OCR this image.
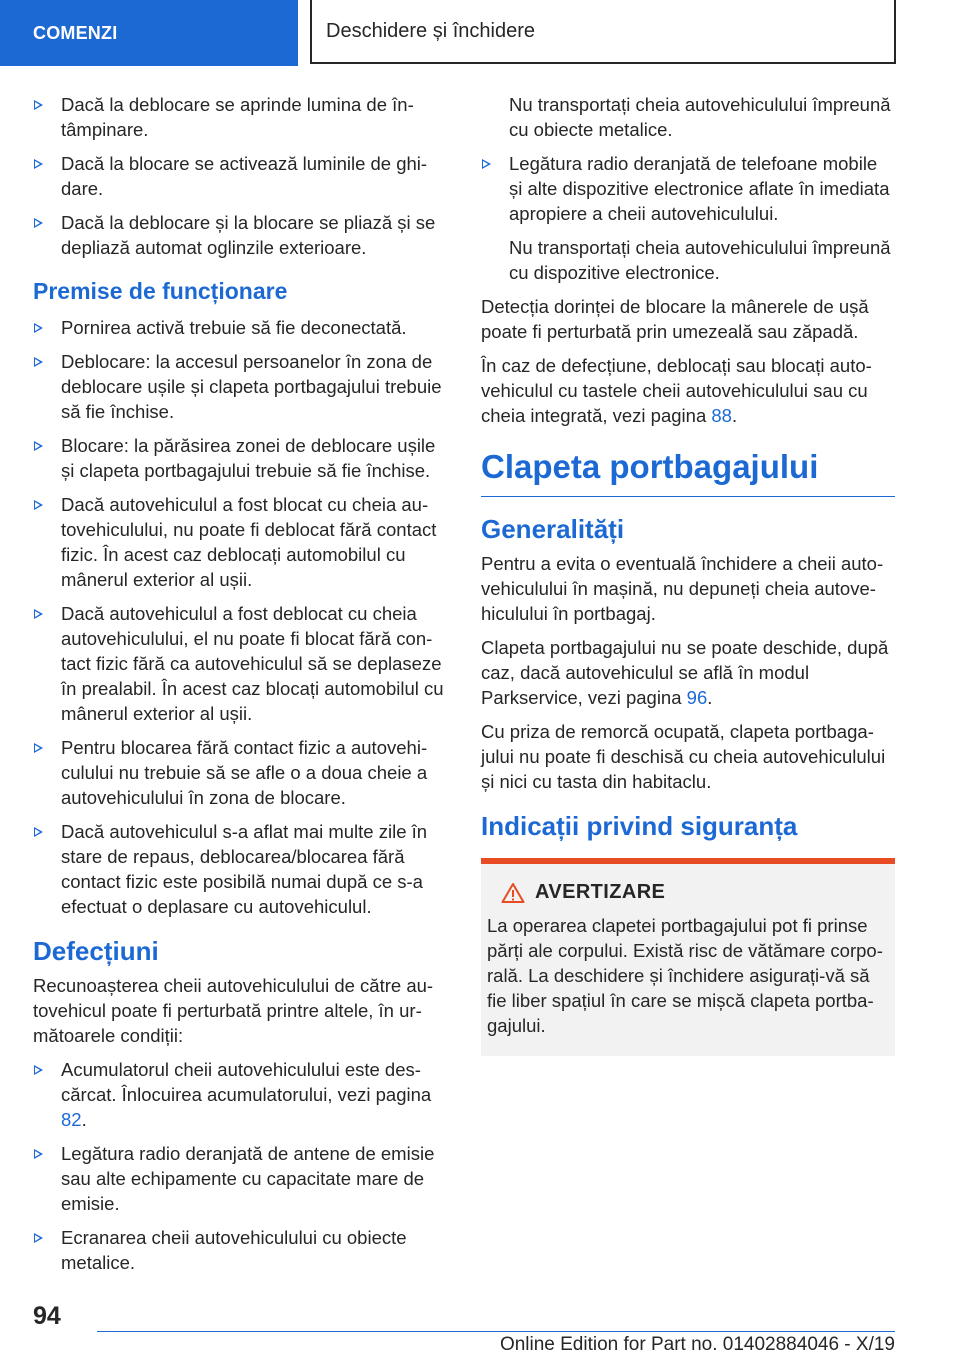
COMENZI	Deschidere și închidere
Dacă la deblocare se aprinde lumina de întâmpinare.
Dacă la blocare se activează luminile de ghidare.
Dacă la deblocare și la blocare se pliază și se depliază automat oglinzile exterioare.
Premise de funcționare
Pornirea activă trebuie să fie deconectată.
Deblocare: la accesul persoanelor în zona de deblocare ușile și clapeta portbagajului trebuie să fie închise.
Blocare: la părăsirea zonei de deblocare ușile și clapeta portbagajului trebuie să fie închise.
Dacă autovehiculul a fost blocat cu cheia autovehiculului, nu poate fi deblocat fără contact fizic. În acest caz deblocați automobilul cu mânerul exterior al ușii.
Dacă autovehiculul a fost deblocat cu cheia autovehiculului, el nu poate fi blocat fără contact fizic fără ca autovehiculul să se deplaseze în prealabil. În acest caz blocați automobilul cu mânerul exterior al ușii.
Pentru blocarea fără contact fizic a autovehiculului nu trebuie să se afle o a doua cheie a autovehiculului în zona de blocare.
Dacă autovehiculul s-a aflat mai multe zile în stare de repaus, deblocarea/blocarea fără contact fizic este posibilă numai după ce s-a efectuat o deplasare cu autovehiculul.
Defecțiuni

Recunoașterea cheii autovehiculului de către autovehicul poate fi perturbată printre altele, în următoarele condiții:

Acumulatorul cheii autovehiculului este descărcat. Înlocuirea acumulatorului, vezi pagina 82.
Legătura radio deranjată de antene de emisie sau alte echipamente cu capacitate mare de emisie.
Ecranarea cheii autovehiculului cu obiecte metalice.

Nu transportați cheia autovehiculului împreună cu obiecte metalice.

Legătura radio deranjată de telefoane mobile și alte dispozitive electronice aflate în imediata apropiere a cheii autovehiculului.

Nu transportați cheia autovehiculului împreună cu dispozitive electronice.

Detecția dorinței de blocare la mânerele de ușă poate fi perturbată prin umezeală sau zăpadă.

În caz de defecțiune, deblocați sau blocați autovehiculul cu tastele cheii autovehiculului sau cu cheia integrată, vezi pagina 88.

Clapeta portbagajului
Generalități

Pentru a evita o eventuală închidere a cheii autovehiculului în mașină, nu depuneți cheia autovehiculului în portbagaj.

Clapeta portbagajului nu se poate deschide, după caz, dacă autovehiculul se află în modul Parkservice, vezi pagina 96.

Cu priza de remorcă ocupată, clapeta portbagajului nu poate fi deschisă cu cheia autovehiculului și nici cu tasta din habitaclu.

Indicații privind siguranța
AVERTIZARE
La operarea clapetei portbagajului pot fi prinse părți ale corpului. Există risc de vătămare corporală. La deschidere și închidere asigurați-vă să fie liber spațiul în care se mișcă clapeta portbagajului.
94
Online Edition for Part no. 01402884046 - X/19
